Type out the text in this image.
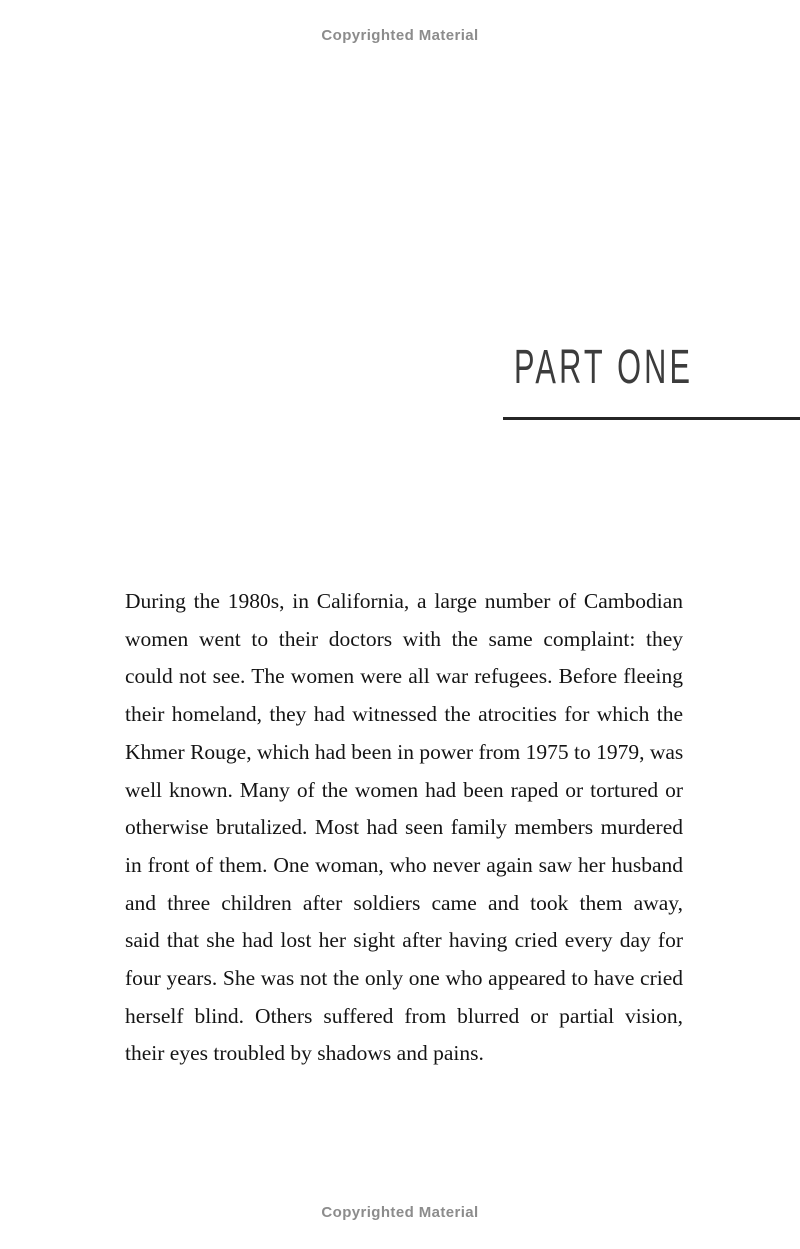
Copyrighted Material
PART ONE
During the 1980s, in California, a large number of Cambodian
women went to their doctors with the same complaint: they
could not see. The women were all war refugees. Before fleeing
their homeland, they had witnessed the atrocities for which the
Khmer Rouge, which had been in power from 1975 to 1979, was
well known. Many of the women had been raped or tortured or
otherwise brutalized. Most had seen family members murdered
in front of them. One woman, who never again saw her husband
and three children after soldiers came and took them away,
said that she had lost her sight after having cried every day for
four years. She was not the only one who appeared to have cried
herself blind. Others suffered from blurred or partial vision,
their eyes troubled by shadows and pains.
Copyrighted Material
